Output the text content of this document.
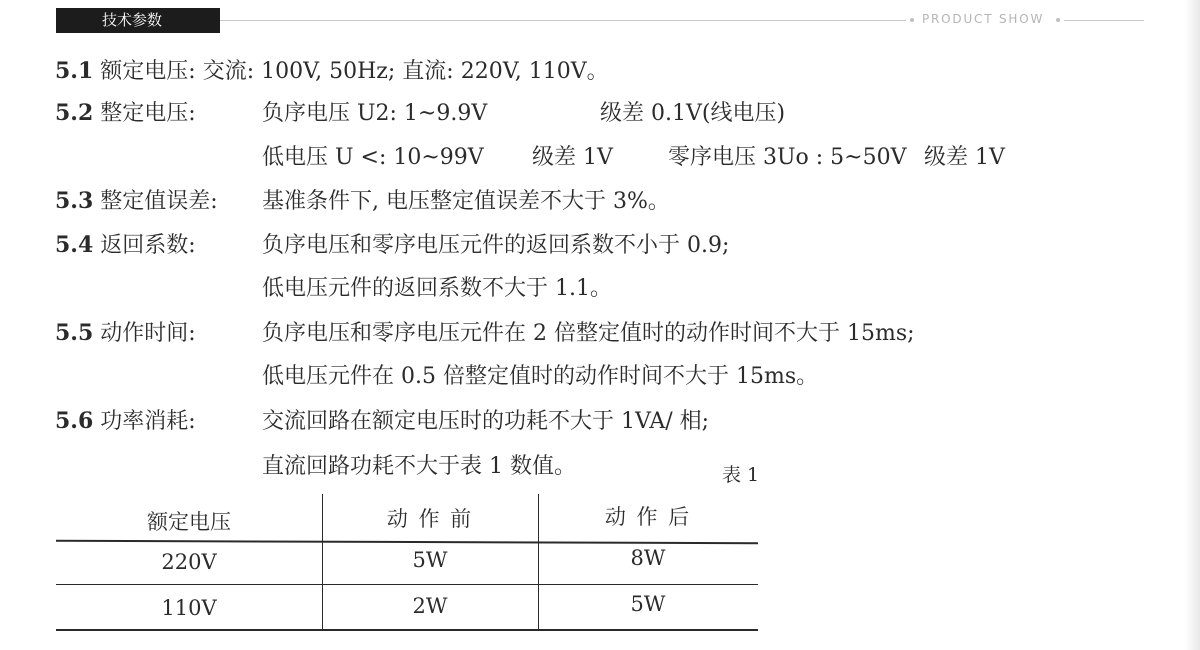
技术参数	PRODUCT SHOW
5.1 额定电压: 交流: 100V, 50Hz; 直流: 220V, 110V。
5.2 整定电压:	负序电压 U2: 1~9.9V	级差 0.1V(线电压)
低电压 U <: 10~99V 级差 1V	零序电压 3Uo : 5~50V 级差 1V
5.3 整定值误差: 基准条件下, 电压整定值误差不大于 3%。
5.4 返回系数:	负序电压和零序电压元件的返回系数不小于 0.9;
低电压元件的返回系数不大于 1.1。
5.5 动作时间:	负序电压和零序电压元件在 2 倍整定值时的动作时间不大于 15ms;
低电压元件在 0.5 倍整定值时的动作时间不大于 15ms。
5.6 功率消耗:	交流回路在额定电压时的功耗不大于 1VA/ 相;
直流回路功耗不大于表 1 数值。	表 1
额定电压	动 作 前	动 作 后
220V	5W	8W
110V	2W	5W
